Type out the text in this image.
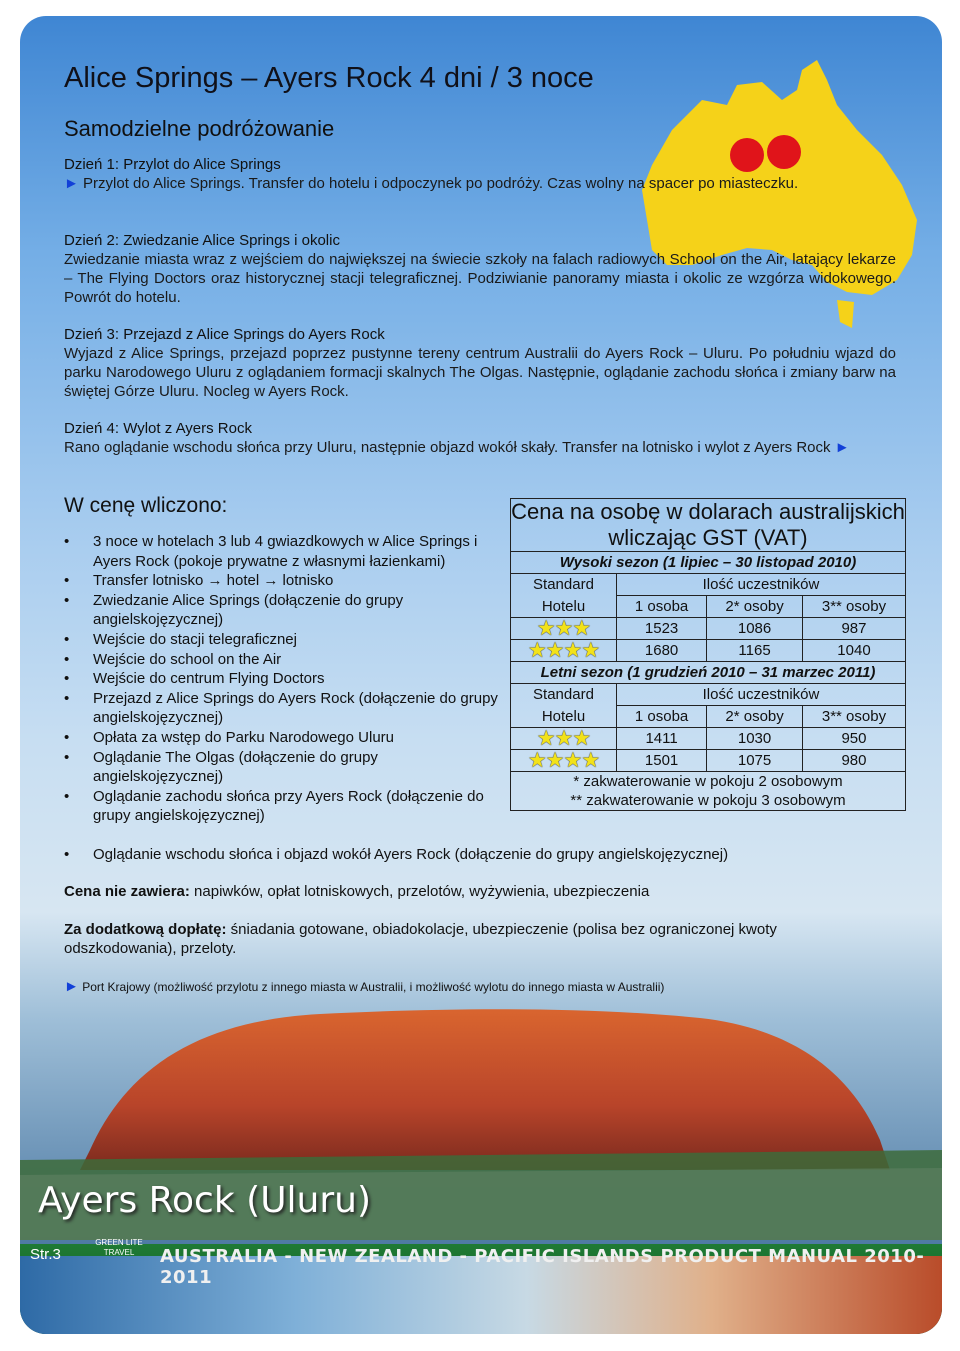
Alice Springs – Ayers Rock 4 dni / 3 noce
Samodzielne podróżowanie
Dzień 1: Przylot do Alice Springs
► Przylot do Alice Springs. Transfer do hotelu i odpoczynek po podróży. Czas wolny na spacer po miasteczku.
Dzień 2: Zwiedzanie Alice Springs i okolic
Zwiedzanie miasta wraz z wejściem do największej na świecie szkoły na falach radiowych School on the Air, latający lekarze – The Flying Doctors oraz historycznej stacji telegraficznej. Podziwianie panoramy miasta i okolic ze wzgórza widokowego. Powrót do hotelu.
Dzień 3: Przejazd z Alice Springs do Ayers Rock
Wyjazd z Alice Springs, przejazd poprzez pustynne tereny centrum Australii do Ayers Rock – Uluru. Po południu wjazd do parku Narodowego Uluru z oglądaniem formacji skalnych The Olgas. Następnie, oglądanie zachodu słońca i zmiany barw na świętej Górze Uluru. Nocleg w Ayers Rock.
Dzień 4: Wylot z Ayers Rock
Rano oglądanie wschodu słońca przy Uluru, następnie objazd wokół skały. Transfer na lotnisko i wylot z Ayers Rock ►
W cenę wliczono:
• 3 noce w hotelach 3 lub 4 gwiazdkowych w Alice Springs i Ayers Rock (pokoje prywatne z własnymi łazienkami)
• Transfer lotnisko → hotel → lotnisko
• Zwiedzanie Alice Springs (dołączenie do grupy angielskojęzycznej)
• Wejście do stacji telegraficznej
• Wejście do school on the Air
• Wejście do centrum Flying Doctors
• Przejazd z Alice Springs do Ayers Rock (dołączenie do grupy angielskojęzycznej)
• Opłata za wstęp do Parku Narodowego Uluru
• Oglądanie The Olgas (dołączenie do grupy angielskojęzycznej)
• Oglądanie zachodu słońca przy Ayers Rock (dołączenie do grupy angielskojęzycznej)
• Oglądanie wschodu słońca i objazd wokół Ayers Rock (dołączenie do grupy angielskojęzycznej)
Cena na osobę w dolarach australijskich wliczając GST (VAT)			
Wysoki sezon (1 lipiec – 30 listopad 2010)			
Standard	Ilość uczestników		
Hotelu	1 osoba	2* osoby	3** osoby
★★★	1523	1086	987
★★★★	1680	1165	1040
Letni sezon (1 grudzień 2010 – 31 marzec 2011)			
Standard	Ilość uczestników		
Hotelu	1 osoba	2* osoby	3** osoby
★★★	1411	1030	950
★★★★	1501	1075	980
* zakwaterowanie w pokoju 2 osobowym			
** zakwaterowanie w pokoju 3 osobowym			
Cena nie zawiera: napiwków, opłat lotniskowych, przelotów, wyżywienia, ubezpieczenia
Za dodatkową dopłatę: śniadania gotowane, obiadokolacje, ubezpieczenie (polisa bez ograniczonej kwoty odszkodowania), przeloty.
► Port Krajowy (możliwość przylotu z innego miasta w Australii, i możliwość wylotu do innego miasta w Australii)
Ayers Rock (Uluru)
Str.3
GREEN LITE TRAVEL	AUSTRALIA - NEW ZEALAND - PACIFIC ISLANDS PRODUCT MANUAL 2010-2011
